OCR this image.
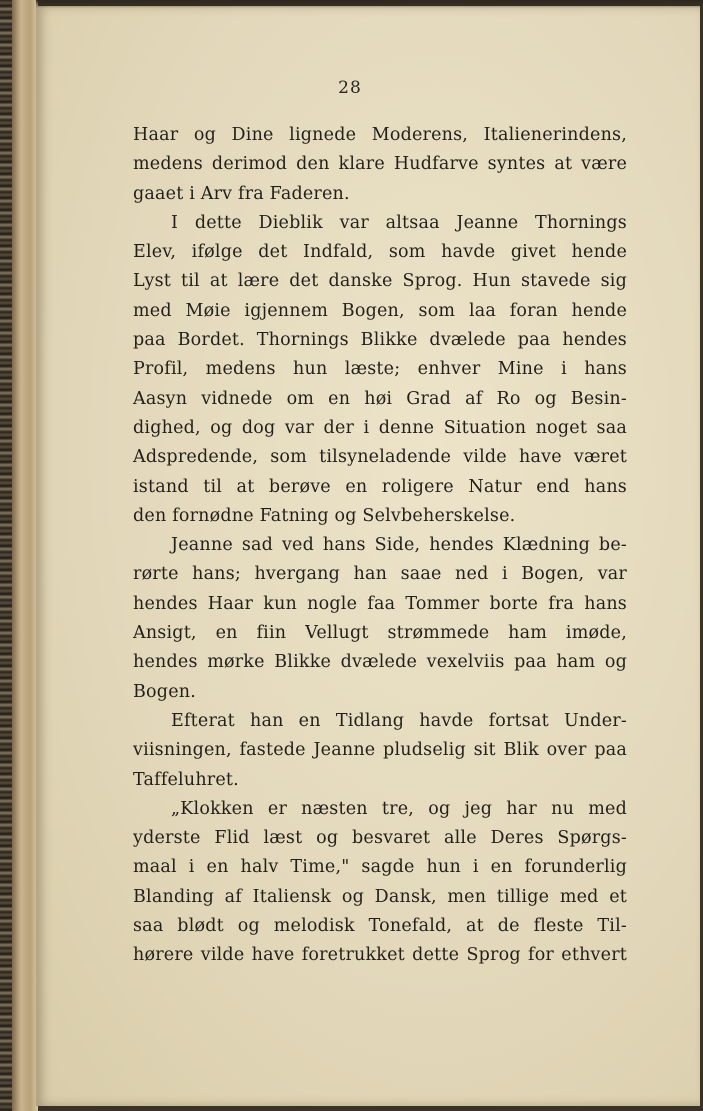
28
Haar og Dine lignede Moderens, Italienerindens,
medens derimod den klare Hudfarve syntes at være
gaaet i Arv fra Faderen.
I dette Dieblik var altsaa Jeanne Thornings
Elev, ifølge det Indfald, som havde givet hende
Lyst til at lære det danske Sprog. Hun stavede sig
med Møie igjennem Bogen, som laa foran hende
paa Bordet. Thornings Blikke dvælede paa hendes
Profil, medens hun læste; enhver Mine i hans
Aasyn vidnede om en høi Grad af Ro og Besin-
dighed, og dog var der i denne Situation noget saa
Adspredende, som tilsyneladende vilde have været
istand til at berøve en roligere Natur end hans
den fornødne Fatning og Selvbeherskelse.
Jeanne sad ved hans Side, hendes Klædning be-
rørte hans; hvergang han saae ned i Bogen, var
hendes Haar kun nogle faa Tommer borte fra hans
Ansigt, en fiin Vellugt strømmede ham imøde,
hendes mørke Blikke dvælede vexelviis paa ham og
Bogen.
Efterat han en Tidlang havde fortsat Under-
viisningen, fastede Jeanne pludselig sit Blik over paa
Taffeluhret.
„Klokken er næsten tre, og jeg har nu med
yderste Flid læst og besvaret alle Deres Spørgs-
maal i en halv Time," sagde hun i en forunderlig
Blanding af Italiensk og Dansk, men tillige med et
saa blødt og melodisk Tonefald, at de fleste Til-
hørere vilde have foretrukket dette Sprog for ethvert
